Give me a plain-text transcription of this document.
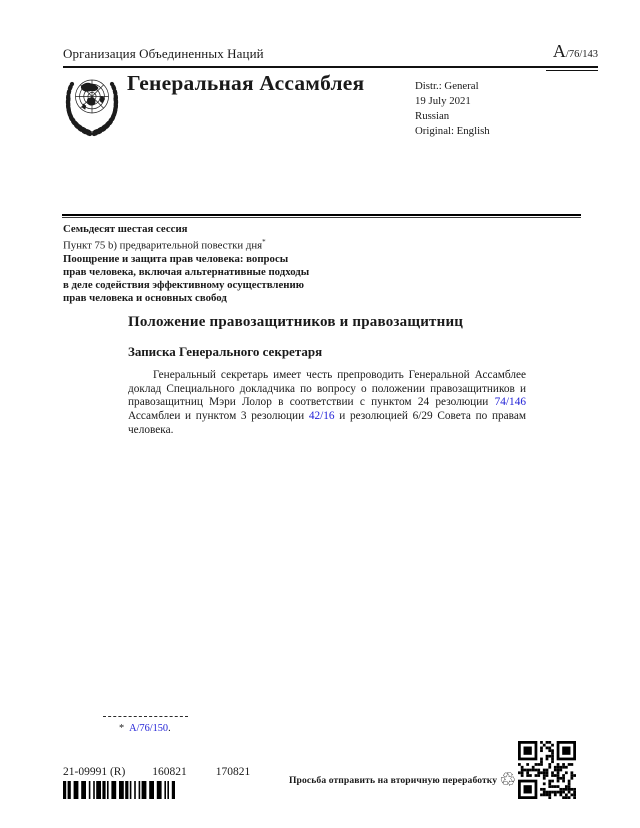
Организация Объединенных Наций	A/76/143
Генеральная Ассамблея	Distr.: General
19 July 2021
Russian
Original: English
Семьдесят шестая сессия
Пункт 75 b) предварительной повестки дня*
Поощрение и защита прав человека: вопросы
прав человека, включая альтернативные подходы
в деле содействия эффективному осуществлению
прав человека и основных свобод
Положение правозащитников и правозащитниц
Записка Генерального секретаря

Генеральный секретарь имеет честь препроводить Генеральной Ассамблее доклад Специального докладчика по вопросу о положении правозащитников и правозащитниц Мэри Лолор в соответствии с пунктом 24 резолюции 74/146 Ассамблеи и пунктом 3 резолюции 42/16 и резолюцией 6/29 Совета по правам человека.

* A/76/150.
21-09991 (R) 160821	170821
Просьба отправить на вторичную переработку ♲
